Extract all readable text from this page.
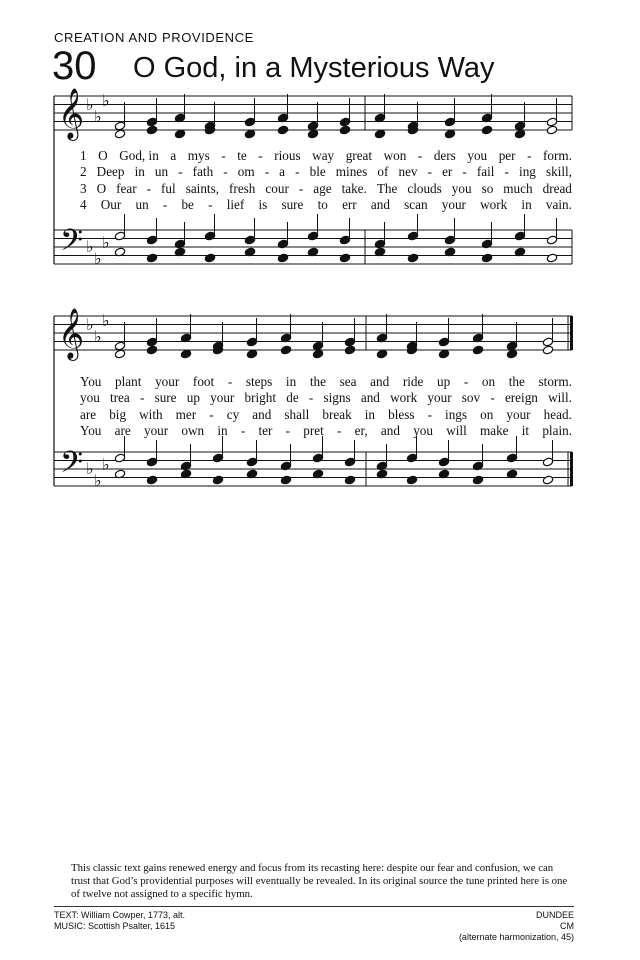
CREATION AND PROVIDENCE
30 O God, in a Mysterious Way
𝄞
𝄢
♭
♭
♭
♭
♭
♭
1 O God, in a mys - te - rious way great won - ders you per - form.
2 Deep in un - fath - om - a - ble mines of nev - er - fail - ing skill,
3 O fear - ful saints, fresh cour - age take. The clouds you so much dread
4 Our un - be - lief is sure to err and scan your work in vain.
𝄞
𝄢
♭
♭
♭
♭
♭
♭
You plant your foot - steps in the sea and ride up - on the storm.
you trea - sure up your bright de - signs and work your sov - ereign will.
are big with mer - cy and shall break in bless - ings on your head.
You are your own in - ter - pret - er, and you will make it plain.
This classic text gains renewed energy and focus from its recasting here: despite our fear and confusion, we can trust that God’s providential purposes will eventually be revealed. In its original source the tune printed here is one of twelve not assigned to a specific hymn.
TEXT: William Cowper, 1773, alt.
MUSIC: Scottish Psalter, 1615
DUNDEE
CM
(alternate harmonization, 45)
